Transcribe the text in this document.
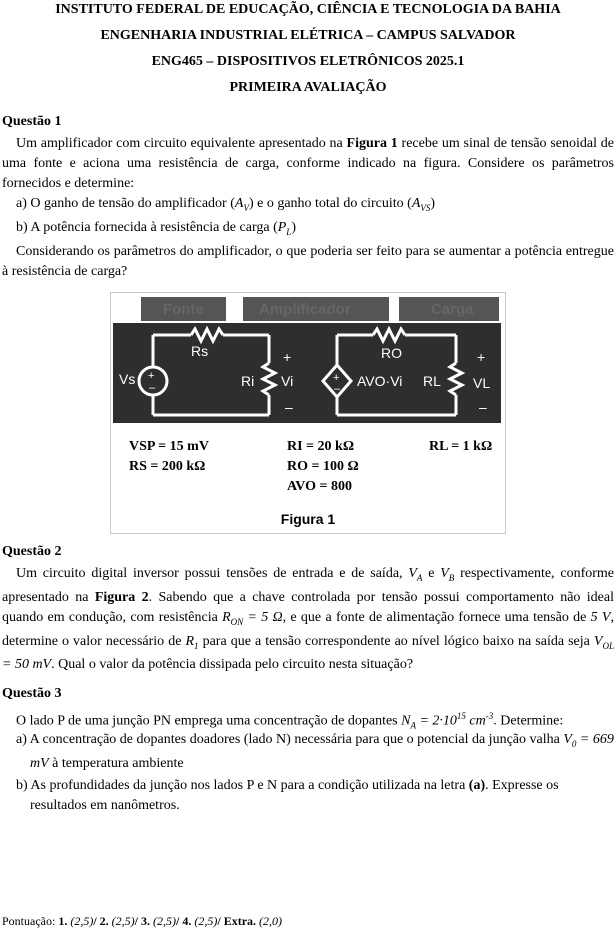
INSTITUTO FEDERAL DE EDUCAÇÃO, CIÊNCIA E TECNOLOGIA DA BAHIA
ENGENHARIA INDUSTRIAL ELÉTRICA – CAMPUS SALVADOR
ENG465 – DISPOSITIVOS ELETRÔNICOS 2025.1
PRIMEIRA AVALIAÇÃO
Questão 1
Um amplificador com circuito equivalente apresentado na Figura 1 recebe um sinal de tensão senoidal de uma fonte e aciona uma resistência de carga, conforme indicado na figura. Considere os parâmetros fornecidos e determine:
a) O ganho de tensão do amplificador $(A_V)$ e o ganho total do circuito $(A_{VS})$
b) A potência fornecida à resistência de carga $(P_L)$
Considerando os parâmetros do amplificador, o que poderia ser feito para se aumentar a potência entregue à resistência de carga?
+
–
+
–
Fonte	Amplificador	Carga
Vs
Rs
Ri
+
Vi
–
RO
AVO·Vi RL
+
VL
–
VSP = 15 mV
RS = 200 kΩ
RI = 20 kΩ
RO = 100 Ω
AVO = 800
RL = 1 kΩ
Figura 1
Questão 2
Um circuito digital inversor possui tensões de entrada e de saída, $V_A$ e $V_B$ respectivamente, conforme apresentado na Figura 2. Sabendo que a chave controlada por tensão possui comportamento não ideal quando em condução, com resistência $R_{ON} = 5$ Ω, e que a fonte de alimentação fornece uma tensão de 5 V, determine o valor necessário de $R_1$ para que a tensão correspondente ao nível lógico baixo na saída seja $V_{OL} = 50$ mV. Qual o valor da potência dissipada pelo circuito nesta situação?
Questão 3
O lado P de uma junção PN emprega uma concentração de dopantes $N_A = 2\cdot 10^{15}$ $cm^{-3}$. Determine:
a) A concentração de dopantes doadores (lado N) necessária para que o potencial da junção valha $V_0 = 669$ mV à temperatura ambiente
b) As profundidades da junção nos lados P e N para a condição utilizada na letra (a). Expresse os resultados em nanômetros.
Pontuação: 1. (2,5)/ 2. (2,5)/ 3. (2,5)/ 4. (2,5)/ Extra. (2,0)
